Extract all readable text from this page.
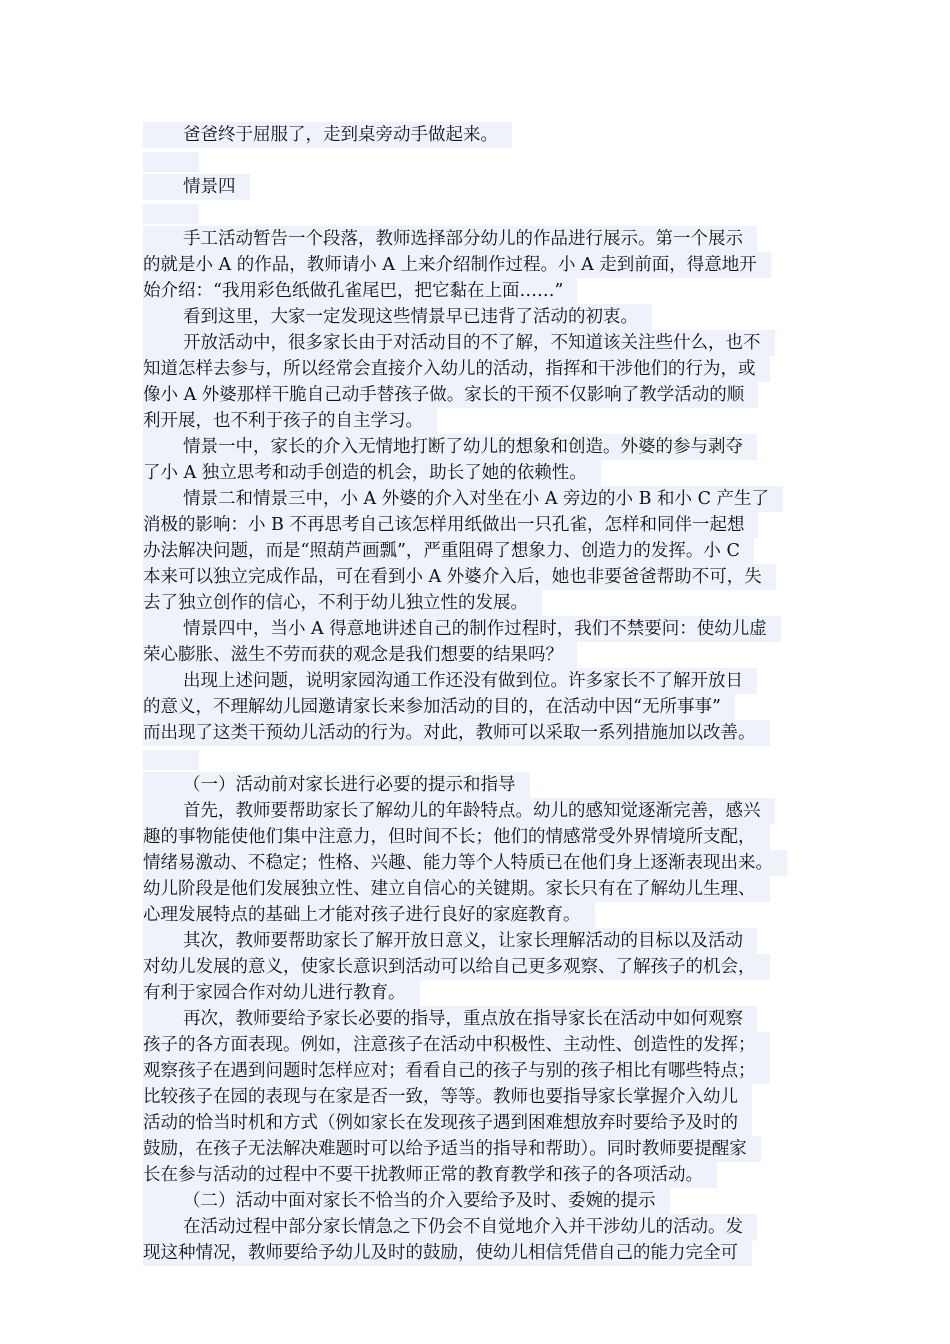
爸爸终于屈服了，走到桌旁动手做起来。
情景四
手工活动暂告一个段落，教师选择部分幼儿的作品进行展示。第一个展示
的就是小 A 的作品，教师请小 A 上来介绍制作过程。小 A 走到前面，得意地开
始介绍：“我用彩色纸做孔雀尾巴，把它黏在上面……”
看到这里，大家一定发现这些情景早已违背了活动的初衷。
开放活动中，很多家长由于对活动目的不了解，不知道该关注些什么，也不
知道怎样去参与，所以经常会直接介入幼儿的活动，指挥和干涉他们的行为，或
像小 A 外婆那样干脆自己动手替孩子做。家长的干预不仅影响了教学活动的顺
利开展，也不利于孩子的自主学习。
情景一中，家长的介入无情地打断了幼儿的想象和创造。外婆的参与剥夺
了小 A 独立思考和动手创造的机会，助长了她的依赖性。
情景二和情景三中，小 A 外婆的介入对坐在小 A 旁边的小 B 和小 C 产生了
消极的影响：小 B 不再思考自己该怎样用纸做出一只孔雀，怎样和同伴一起想
办法解决问题，而是“照葫芦画瓢”，严重阻碍了想象力、创造力的发挥。小 C
本来可以独立完成作品，可在看到小 A 外婆介入后，她也非要爸爸帮助不可，失
去了独立创作的信心，不利于幼儿独立性的发展。
情景四中，当小 A 得意地讲述自己的制作过程时，我们不禁要问：使幼儿虚
荣心膨胀、滋生不劳而获的观念是我们想要的结果吗？
出现上述问题，说明家园沟通工作还没有做到位。许多家长不了解开放日
的意义，不理解幼儿园邀请家长来参加活动的目的，在活动中因“无所事事”
而出现了这类干预幼儿活动的行为。对此，教师可以采取一系列措施加以改善。
（一）活动前对家长进行必要的提示和指导
首先，教师要帮助家长了解幼儿的年龄特点。幼儿的感知觉逐渐完善，感兴
趣的事物能使他们集中注意力，但时间不长；他们的情感常受外界情境所支配，
情绪易激动、不稳定；性格、兴趣、能力等个人特质已在他们身上逐渐表现出来。
幼儿阶段是他们发展独立性、建立自信心的关键期。家长只有在了解幼儿生理、
心理发展特点的基础上才能对孩子进行良好的家庭教育。
其次，教师要帮助家长了解开放日意义，让家长理解活动的目标以及活动
对幼儿发展的意义，使家长意识到活动可以给自己更多观察、了解孩子的机会，
有利于家园合作对幼儿进行教育。
再次，教师要给予家长必要的指导，重点放在指导家长在活动中如何观察
孩子的各方面表现。例如，注意孩子在活动中积极性、主动性、创造性的发挥；
观察孩子在遇到问题时怎样应对；看看自己的孩子与别的孩子相比有哪些特点；
比较孩子在园的表现与在家是否一致，等等。教师也要指导家长掌握介入幼儿
活动的恰当时机和方式（例如家长在发现孩子遇到困难想放弃时要给予及时的
鼓励，在孩子无法解决难题时可以给予适当的指导和帮助）。同时教师要提醒家
长在参与活动的过程中不要干扰教师正常的教育教学和孩子的各项活动。
（二）活动中面对家长不恰当的介入要给予及时、委婉的提示
在活动过程中部分家长情急之下仍会不自觉地介入并干涉幼儿的活动。发
现这种情况，教师要给予幼儿及时的鼓励，使幼儿相信凭借自己的能力完全可
